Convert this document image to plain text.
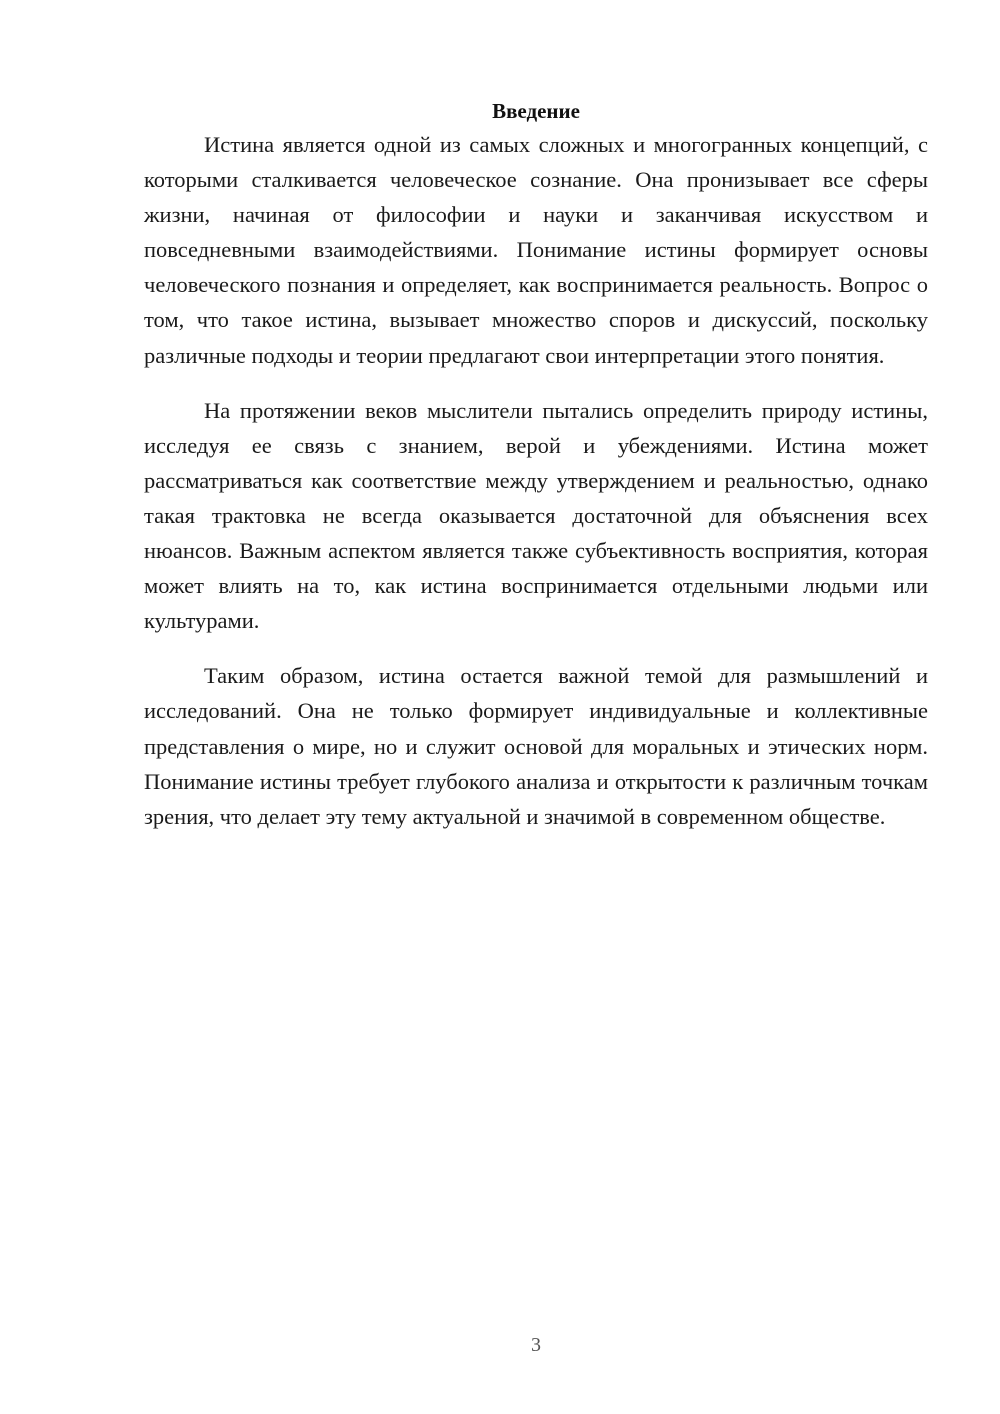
Введение

Истина является одной из самых сложных и многогранных концепций, с которыми сталкивается человеческое сознание. Она пронизывает все сферы жизни, начиная от философии и науки и заканчивая искусством и повседневными взаимодействиями. Понимание истины формирует основы человеческого познания и определяет, как воспринимается реальность. Вопрос о том, что такое истина, вызывает множество споров и дискуссий, поскольку различные подходы и теории предлагают свои интерпретации этого понятия.

На протяжении веков мыслители пытались определить природу истины, исследуя ее связь с знанием, верой и убеждениями. Истина может рассматриваться как соответствие между утверждением и реальностью, однако такая трактовка не всегда оказывается достаточной для объяснения всех нюансов. Важным аспектом является также субъективность восприятия, которая может влиять на то, как истина воспринимается отдельными людьми или культурами.

Таким образом, истина остается важной темой для размышлений и исследований. Она не только формирует индивидуальные и коллективные представления о мире, но и служит основой для моральных и этических норм. Понимание истины требует глубокого анализа и открытости к различным точкам зрения, что делает эту тему актуальной и значимой в современном обществе.

3
